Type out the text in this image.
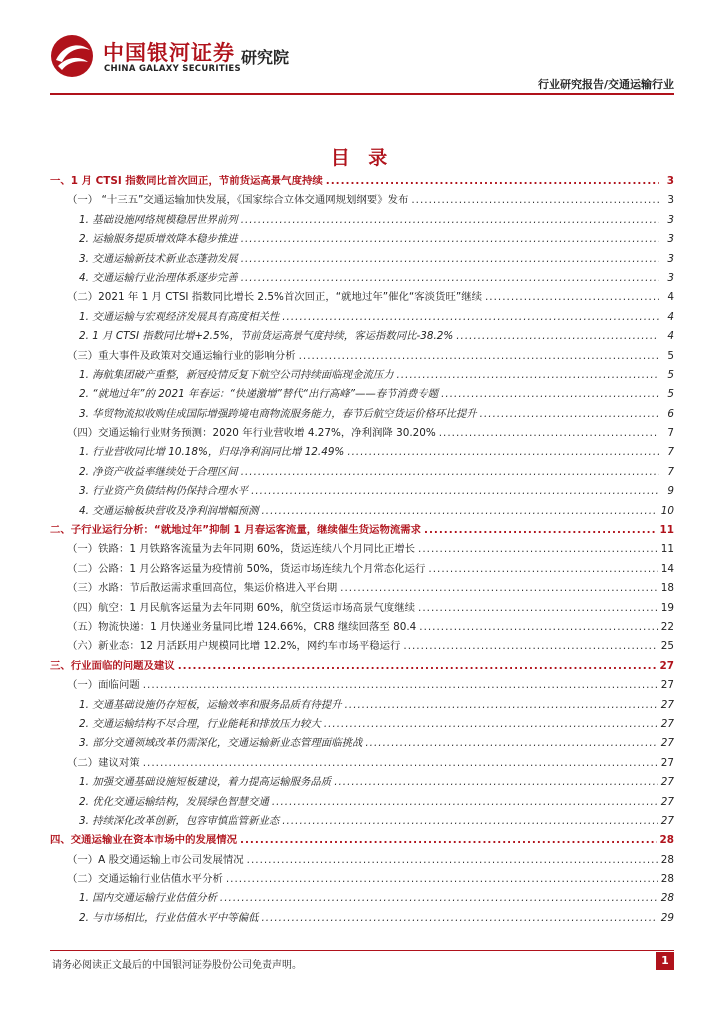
中国银河证券
CHINA GALAXY SECURITIES
研究院
行业研究报告/交通运输行业
目 录
一、1 月 CTSI 指数同比首次回正，节前货运高景气度持续 .....	3
（一） “十三五”交通运输加快发展，《国家综合立体交通网规划纲要》发布 .....	3
1. 基础设施网络规模稳居世界前列 .....	3
2. 运输服务提质增效降本稳步推进 .....	3
3. 交通运输新技术新业态蓬勃发展 .....	3
4. 交通运输行业治理体系逐步完善 .....	3
（二）2021 年 1 月 CTSI 指数同比增长 2.5%首次回正，“就地过年”催化“客淡货旺”继续 .....	4
1. 交通运输与宏观经济发展具有高度相关性 .....	4
2. 1 月 CTSI 指数同比增+2.5%，节前货运高景气度持续，客运指数同比-38.2% .....	4
（三）重大事件及政策对交通运输行业的影响分析 .....	5
1. 海航集团破产重整，新冠疫情反复下航空公司持续面临现金流压力 .....	5
2. “就地过年”的 2021 年春运：“快递激增”替代“出行高峰”——春节消费专题 .....	5
3. 华贸物流拟收购佳成国际增强跨境电商物流服务能力，春节后航空货运价格环比提升 .....	6
（四）交通运输行业财务预测：2020 年行业营收增 4.27%，净利润降 30.20% .....	7
1. 行业营收同比增 10.18%，归母净利润同比增 12.49% .....	7
2. 净资产收益率继续处于合理区间 .....	7
3. 行业资产负债结构仍保持合理水平 .....	9
4. 交通运输板块营收及净利润增幅预测 .....	10
二、子行业运行分析：“就地过年”抑制 1 月春运客流量，继续催生货运物流需求 .....	11
（一）铁路：1 月铁路客流量为去年同期 60%，货运连续八个月同比正增长 .....	11
（二）公路：1 月公路客运量为疫情前 50%，货运市场连续九个月常态化运行 .....	14
（三）水路：节后散运需求重回高位，集运价格进入平台期 .....	18
（四）航空：1 月民航客运量为去年同期 60%，航空货运市场高景气度继续 .....	19
（五）物流快递：1 月快递业务量同比增 124.66%，CR8 继续回落至 80.4 .....	22
（六）新业态：12 月活跃用户规模同比增 12.2%，网约车市场平稳运行 .....	25
三、行业面临的问题及建议 .....	27
（一）面临问题 .....	27
1. 交通基础设施仍存短板，运输效率和服务品质有待提升 .....	27
2. 交通运输结构不尽合理，行业能耗和排放压力较大 .....	27
3. 部分交通领域改革仍需深化，交通运输新业态管理面临挑战 .....	27
（二）建议对策 .....	27
1. 加强交通基础设施短板建设，着力提高运输服务品质 .....	27
2. 优化交通运输结构，发展绿色智慧交通 .....	27
3. 持续深化改革创新，包容审慎监管新业态 .....	27
四、交通运输业在资本市场中的发展情况 .....	28
（一）A 股交通运输上市公司发展情况 .....	28
（二）交通运输行业估值水平分析 .....	28
1. 国内交通运输行业估值分析 .....	28
2. 与市场相比，行业估值水平中等偏低 .....	29
请务必阅读正文最后的中国银河证券股份公司免责声明。	1
